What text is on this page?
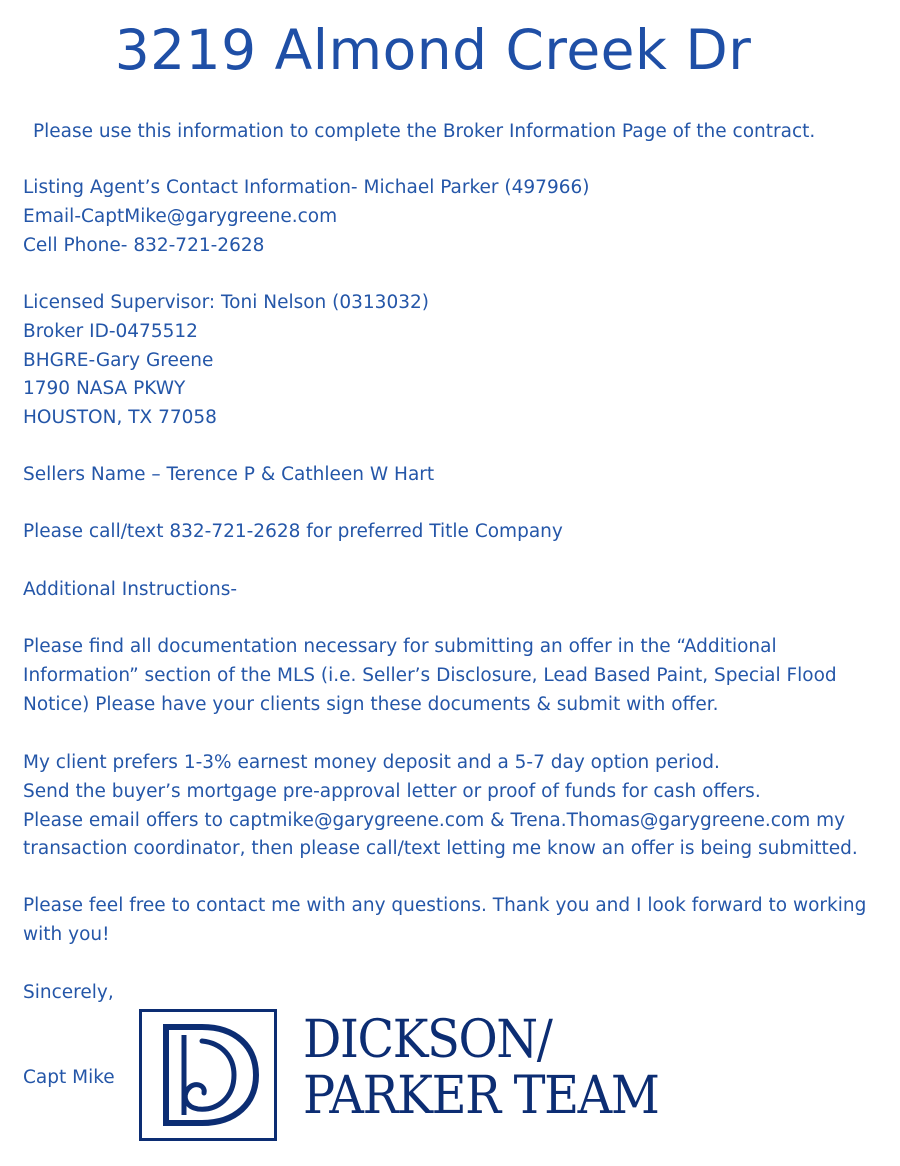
3219 Almond Creek Dr
Please use this information to complete the Broker Information Page of the contract.
Listing Agent’s Contact Information- Michael Parker (497966)
Email-CaptMike@garygreene.com
Cell Phone- 832-721-2628
Licensed Supervisor: Toni Nelson (0313032)
Broker ID-0475512
BHGRE-Gary Greene
1790 NASA PKWY
HOUSTON, TX 77058
Sellers Name – Terence P & Cathleen W Hart
Please call/text 832-721-2628 for preferred Title Company
Additional Instructions-
Please find all documentation necessary for submitting an offer in the “Additional Information” section of the MLS (i.e. Seller’s Disclosure, Lead Based Paint, Special Flood Notice) Please have your clients sign these documents & submit with offer.
My client prefers 1-3% earnest money deposit and a 5-7 day option period.
Send the buyer’s mortgage pre-approval letter or proof of funds for cash offers.
Please email offers to captmike@garygreene.com & Trena.Thomas@garygreene.com my
transaction coordinator, then please call/text letting me know an offer is being submitted.
Please feel free to contact me with any questions. Thank you and I look forward to working with you!
Sincerely,
Capt Mike
DICKSON/
PARKER TEAM
